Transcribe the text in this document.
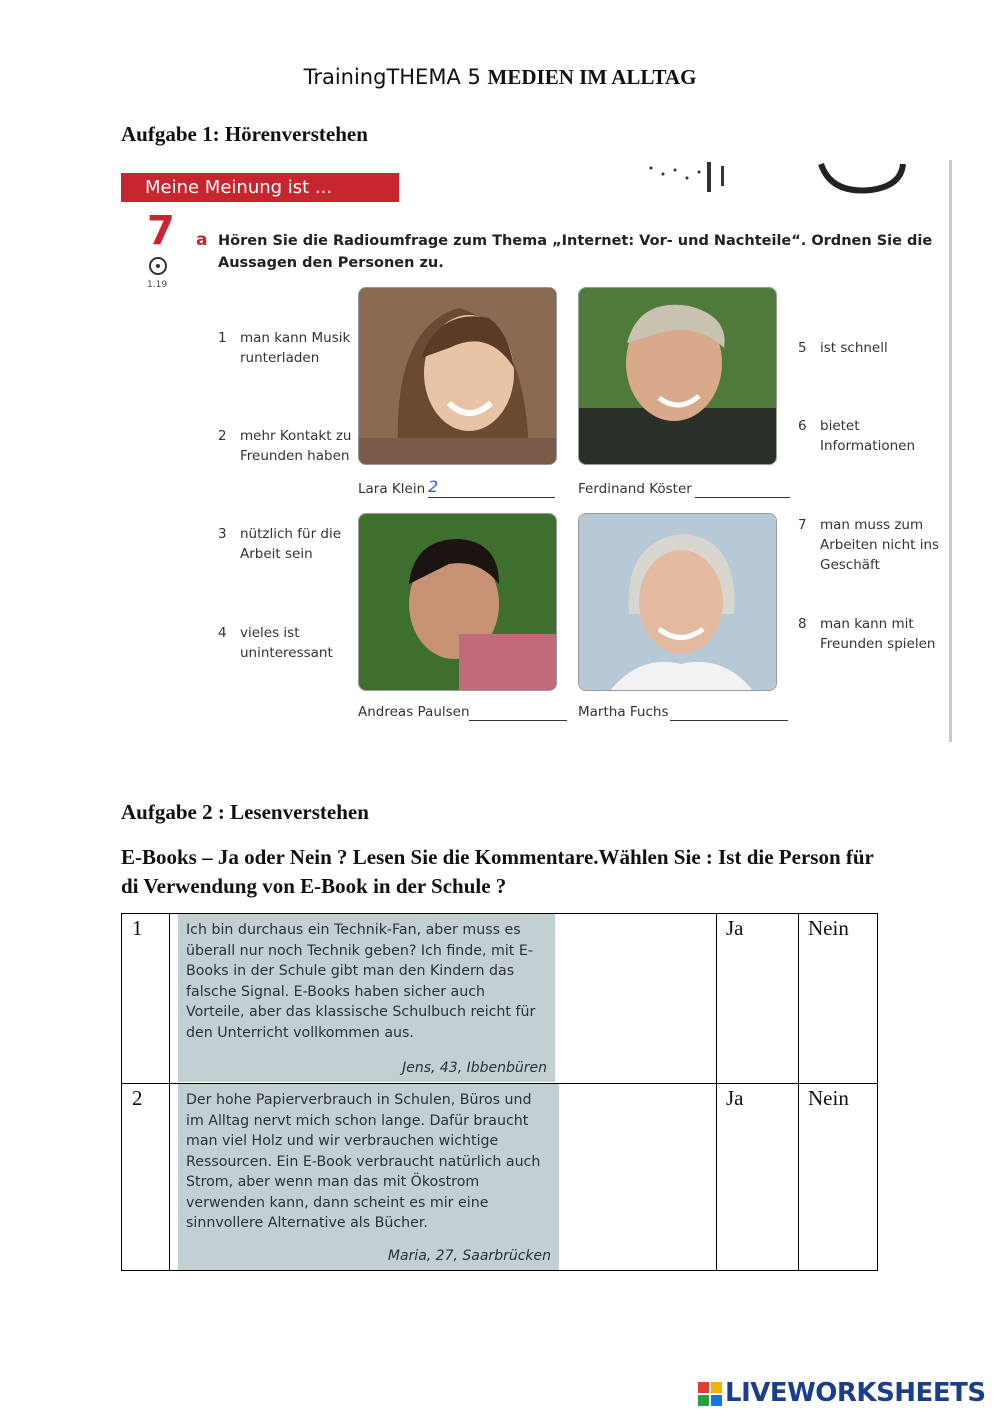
TrainingTHEMA 5 MEDIEN IM ALLTAG
Aufgabe 1: Hörenverstehen
Meine Meinung ist ...
7
1.19
a Hören Sie die Radioumfrage zum Thema „Internet: Vor- und Nachteile“. Ordnen Sie die Aussagen den Personen zu.
1 man kann Musik runterladen
2 mehr Kontakt zu Freunden haben
3 nützlich für die Arbeit sein
4 vieles ist uninteressant
5 ist schnell
6 bietet Informationen
7 man muss zum Arbeiten nicht ins Geschäft
8 man kann mit Freunden spielen
Lara Klein 2	Ferdinand Köster
Andreas Paulsen	Martha Fuchs
Aufgabe 2 : Lesenverstehen
E-Books – Ja oder Nein ? Lesen Sie die Kommentare.Wählen Sie : Ist die Person für di Verwendung von E-Book in der Schule ?
1	Ich bin durchaus ein Technik-Fan, aber muss es überall nur noch Technik geben? Ich finde, mit E-Books in der Schule gibt man den Kindern das falsche Signal. E-Books haben sicher auch Vorteile, aber das klassische Schulbuch reicht für den Unterricht vollkommen aus.
Jens, 43, Ibbenbüren
Ja	Nein
2	Der hohe Papierverbrauch in Schulen, Büros und im Alltag nervt mich schon lange. Dafür braucht man viel Holz und wir verbrauchen wichtige Ressourcen. Ein E-Book verbraucht natürlich auch Strom, aber wenn man das mit Ökostrom verwenden kann, dann scheint es mir eine sinnvollere Alternative als Bücher.
Maria, 27, Saarbrücken
Ja	Nein
LIVEWORKSHEETS
